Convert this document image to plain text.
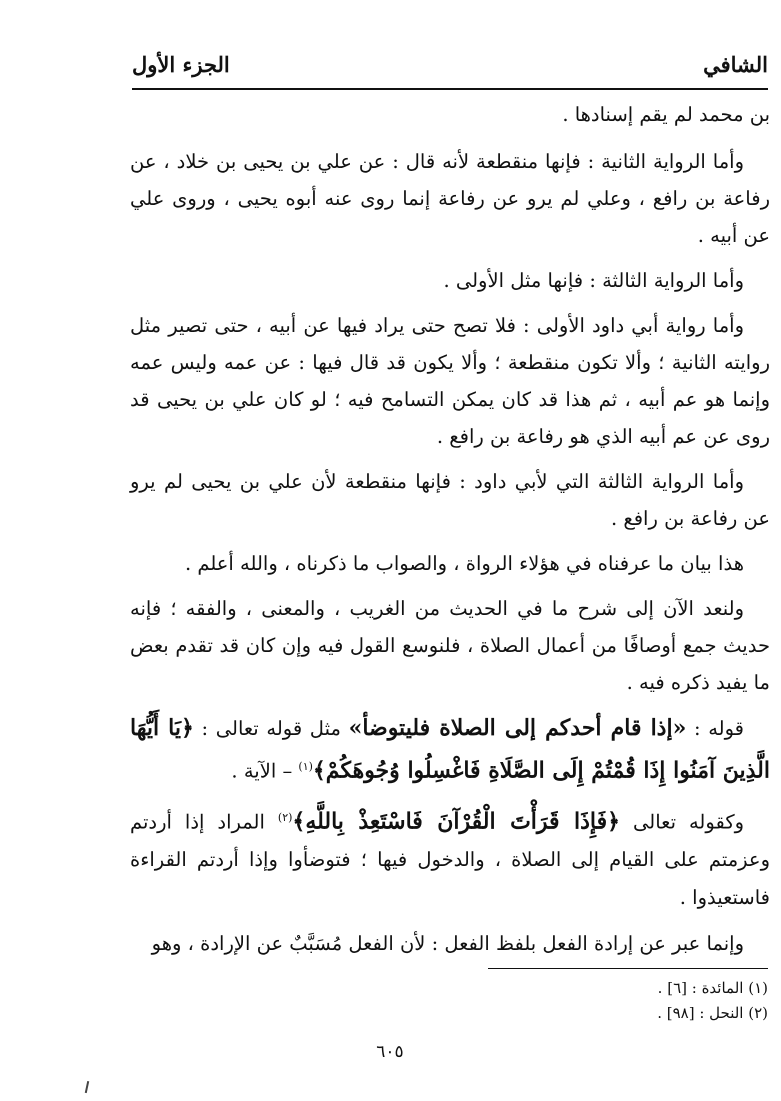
الشافي
الجزء الأول

بن محمد لم يقم إسنادها .

وأما الرواية الثانية : فإنها منقطعة لأنه قال : عن علي بن يحيى بن خلاد ، عن رفاعة بن رافع ، وعلي لم يرو عن رفاعة إنما روى عنه أبوه يحيى ، وروى علي عن أبيه .

وأما الرواية الثالثة : فإنها مثل الأولى .

وأما رواية أبي داود الأولى : فلا تصح حتى يراد فيها عن أبيه ، حتى تصير مثل روايته الثانية ؛ وألا تكون منقطعة ؛ وألا يكون قد قال فيها : عن عمه وليس عمه وإنما هو عم أبيه ، ثم هذا قد كان يمكن التسامح فيه ؛ لو كان علي بن يحيى قد روى عن عم أبيه الذي هو رفاعة بن رافع .

وأما الرواية الثالثة التي لأبي داود : فإنها منقطعة لأن علي بن يحيى لم يرو عن رفاعة بن رافع .

هذا بيان ما عرفناه في هؤلاء الرواة ، والصواب ما ذكرناه ، والله أعلم .

ولنعد الآن إلى شرح ما في الحديث من الغريب ، والمعنى ، والفقه ؛ فإنه حديث جمع أوصافًا من أعمال الصلاة ، فلنوسع القول فيه وإن كان قد تقدم بعض ما يفيد ذكره فيه .

قوله : «إذا قام أحدكم إلى الصلاة فليتوضأ» مثل قوله تعالى : ﴿يَا أَيُّهَا الَّذِينَ آمَنُوا إِذَا قُمْتُمْ إِلَى الصَّلَاةِ فَاغْسِلُوا وُجُوهَكُمْ﴾$^{(١)}$ – الآية .

وكقوله تعالى ﴿فَإِذَا قَرَأْتَ الْقُرْآنَ فَاسْتَعِذْ بِاللَّهِ﴾$^{(٢)}$ المراد إذا أردتم وعزمتم على القيام إلى الصلاة ، والدخول فيها ؛ فتوضأوا وإذا أردتم القراءة فاستعيذوا .

وإنما عبر عن إرادة الفعل بلفظ الفعل : لأن الفعل مُسَبَّبٌ عن الإرادة ، وهو

(١) المائدة : [٦] .
(٢) النحل : [٩٨] .
٦٠٥
